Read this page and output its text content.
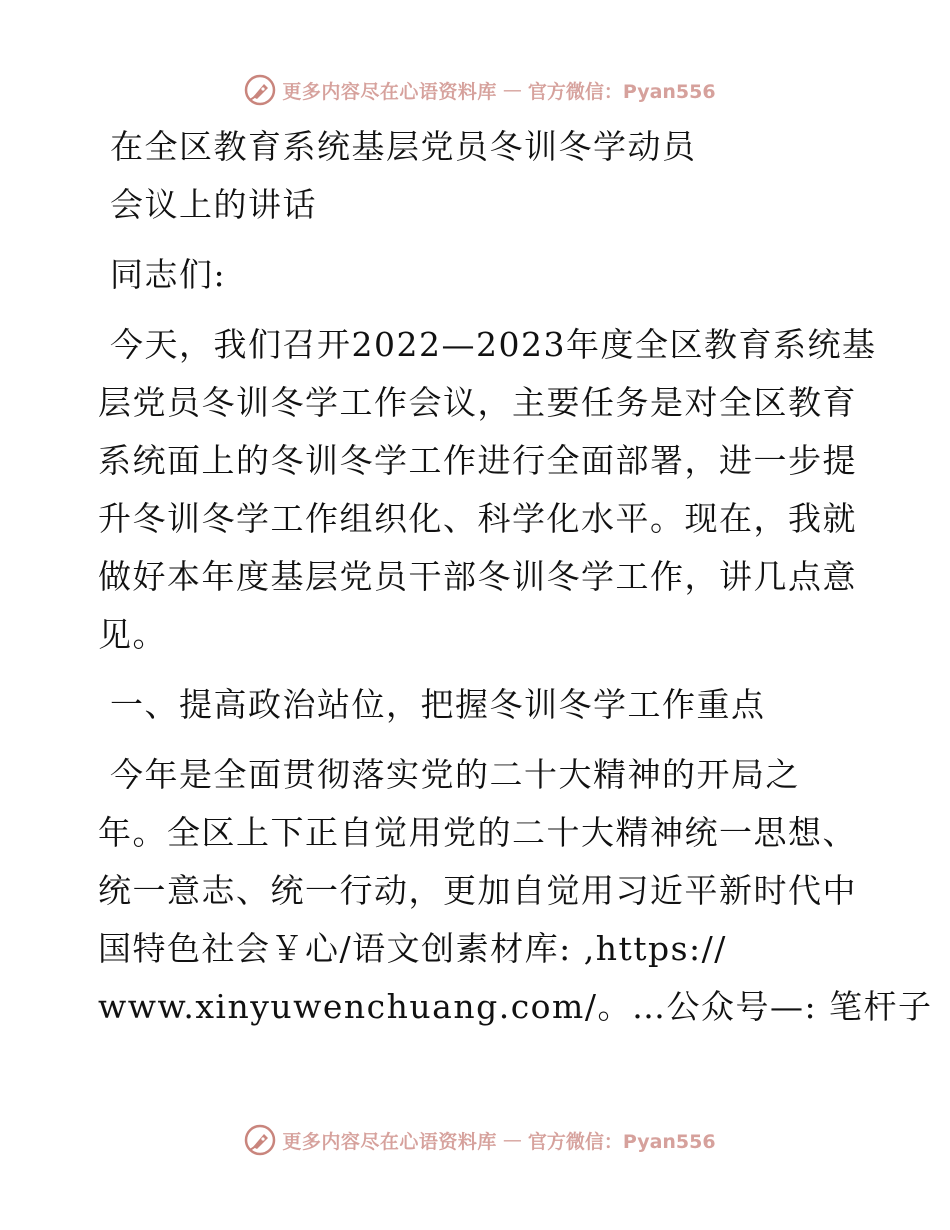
更多内容尽在心语资料库 — 官方微信：Pyan556
在全区教育系统基层党员冬训冬学动员
会议上的讲话
同志们:
今天，我们召开2022—2023年度全区教育系统基
层党员冬训冬学工作会议，主要任务是对全区教育
系统面上的冬训冬学工作进行全面部署，进一步提
升冬训冬学工作组织化、科学化水平。现在，我就
做好本年度基层党员干部冬训冬学工作，讲几点意
见。
一、提高政治站位，把握冬训冬学工作重点
今年是全面贯彻落实党的二十大精神的开局之
年。全区上下正自觉用党的二十大精神统一思想、
统一意志、统一行动，更加自觉用习近平新时代中
国特色社会￥心/语文创素材库: ,https://
www.xinyuwenchuang.com/。…公众号—: 笔杆子
更多内容尽在心语资料库 — 官方微信：Pyan556
